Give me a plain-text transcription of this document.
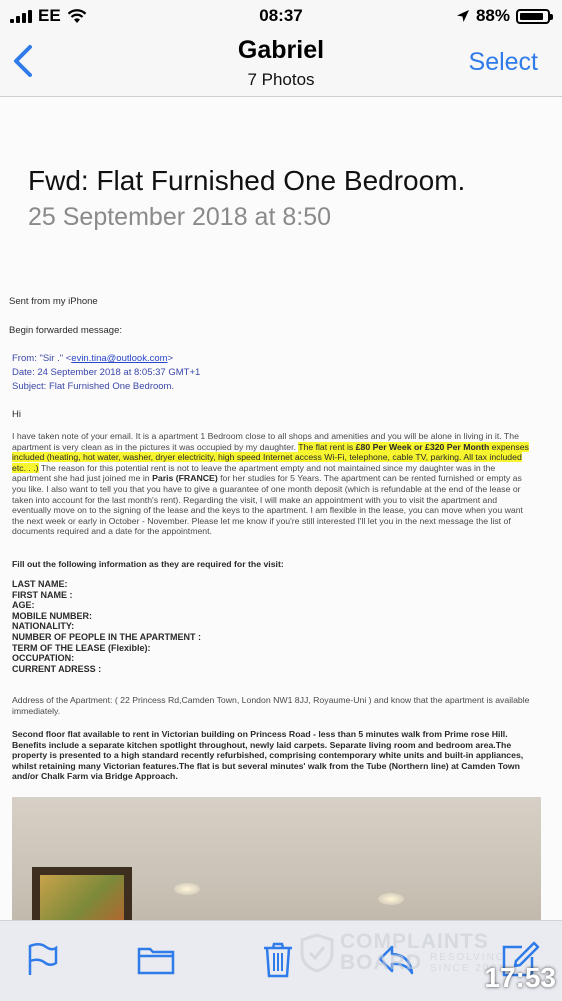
EE	08:37	88%
Gabriel
7 Photos
Select
Fwd: Flat Furnished One Bedroom.
25 September 2018 at 8:50
Sent from my iPhone
Begin forwarded message:
From: "Sir ." <evin.tina@outlook.com>
Date: 24 September 2018 at 8:05:37 GMT+1
Subject: Flat Furnished One Bedroom.
Hi
I have taken note of your email. It is a apartment 1 Bedroom close to all shops and amenities and you will be alone in living in it. The apartment is very clean as in the pictures it was occupied by my daughter. The flat rent is £80 Per Week or £320 Per Month expenses included (heating, hot water, washer, dryer electricity, high speed Internet access Wi-Fi, telephone, cable TV, parking. All tax included etc. . .) The reason for this potential rent is not to leave the apartment empty and not maintained since my daughter was in the apartment she had just joined me in Paris (FRANCE) for her studies for 5 Years. The apartment can be rented furnished or empty as you like. I also want to tell you that you have to give a guarantee of one month deposit (which is refundable at the end of the lease or taken into account for the last month's rent). Regarding the visit, I will make an appointment with you to visit the apartment and eventually move on to the signing of the lease and the keys to the apartment. I am flexible in the lease, you can move when you want the next week or early in October - November. Please let me know if you're still interested I'll let you in the next message the list of documents required and a date for the appointment.
Fill out the following information as they are required for the visit:
LAST NAME:
FIRST NAME :
AGE:
MOBILE NUMBER:
NATIONALITY:
NUMBER OF PEOPLE IN THE APARTMENT :
TERM OF THE LEASE (Flexible):
OCCUPATION:
CURRENT ADRESS :
Address of the Apartment: ( 22 Princess Rd,Camden Town, London NW1 8JJ, Royaume-Uni ) and know that the apartment is available immediately.
Second floor flat available to rent in Victorian building on Princess Road - less than 5 minutes walk from Prime rose Hill. Benefits include a separate kitchen spotlight throughout, newly laid carpets. Separate living room and bedroom area.The property is presented to a high standard recently refurbished, comprising contemporary white units and built-in appliances, whilst retaining many Victorian features.The flat is but several minutes' walk from the Tube (Northern line) at Camden Town and/or Chalk Farm via Bridge Approach.
COMPLAINTS
BOARD RESOLVING
SINCE 2001
17:53
